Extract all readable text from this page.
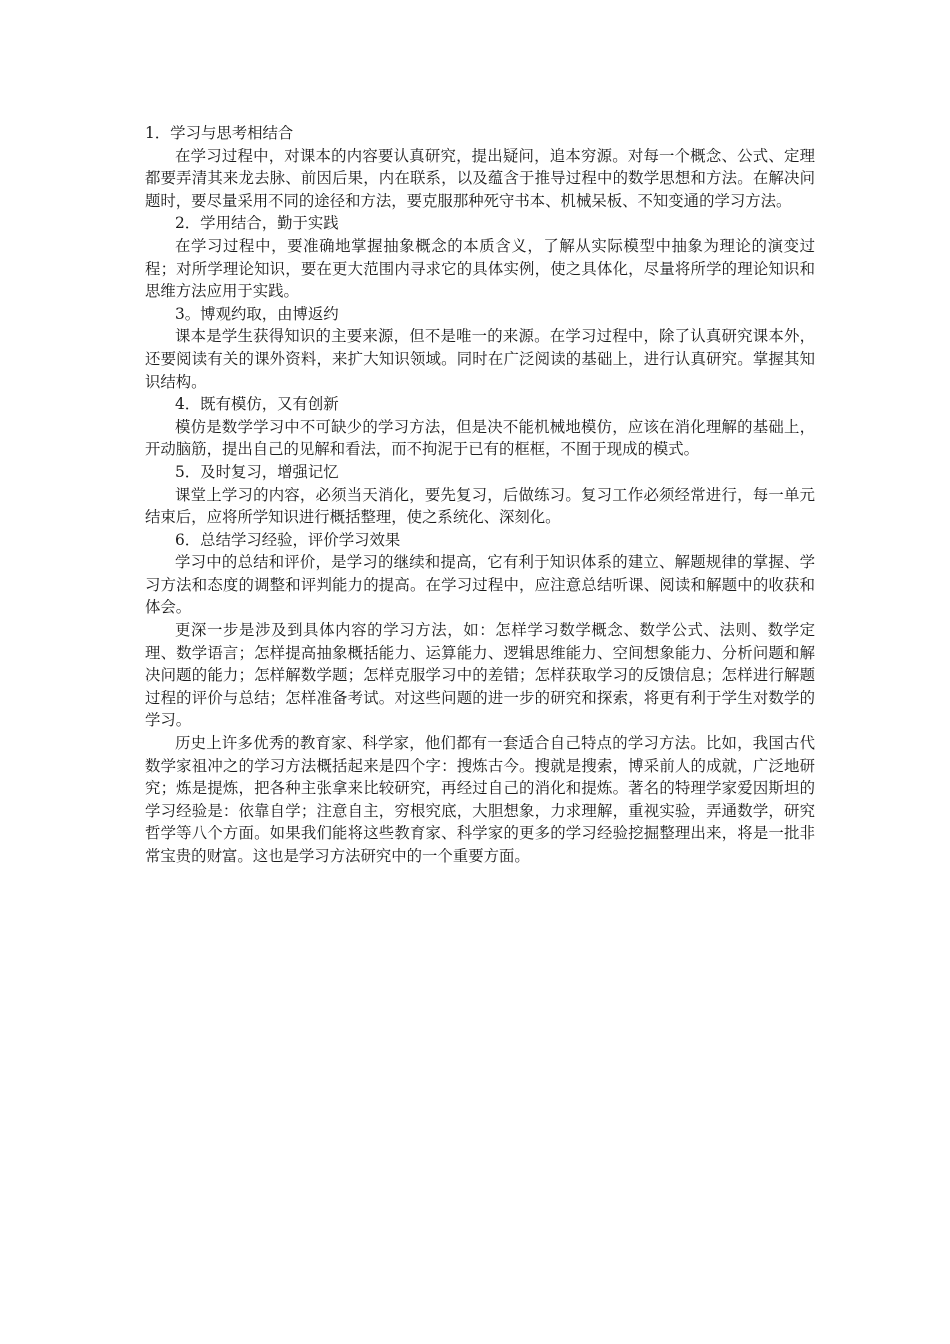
1．学习与思考相结合

在学习过程中，对课本的内容要认真研究，提出疑问，追本穷源。对每一个概念、公式、定理都要弄清其来龙去脉、前因后果，内在联系，以及蕴含于推导过程中的数学思想和方法。在解决问题时，要尽量采用不同的途径和方法，要克服那种死守书本、机械呆板、不知变通的学习方法。

2．学用结合，勤于实践

在学习过程中，要准确地掌握抽象概念的本质含义，了解从实际模型中抽象为理论的演变过程；对所学理论知识，要在更大范围内寻求它的具体实例，使之具体化，尽量将所学的理论知识和思维方法应用于实践。

3。博观约取，由博返约

课本是学生获得知识的主要来源，但不是唯一的来源。在学习过程中，除了认真研究课本外，还要阅读有关的课外资料，来扩大知识领域。同时在广泛阅读的基础上，进行认真研究。掌握其知识结构。

4．既有模仿，又有创新

模仿是数学学习中不可缺少的学习方法，但是决不能机械地模仿，应该在消化理解的基础上，开动脑筋，提出自己的见解和看法，而不拘泥于已有的框框，不囿于现成的模式。

5．及时复习，增强记忆

课堂上学习的内容，必须当天消化，要先复习，后做练习。复习工作必须经常进行，每一单元结束后，应将所学知识进行概括整理，使之系统化、深刻化。

6．总结学习经验，评价学习效果

学习中的总结和评价，是学习的继续和提高，它有利于知识体系的建立、解题规律的掌握、学习方法和态度的调整和评判能力的提高。在学习过程中，应注意总结听课、阅读和解题中的收获和体会。

更深一步是涉及到具体内容的学习方法，如：怎样学习数学概念、数学公式、法则、数学定理、数学语言；怎样提高抽象概括能力、运算能力、逻辑思维能力、空间想象能力、分析问题和解决问题的能力；怎样解数学题；怎样克服学习中的差错；怎样获取学习的反馈信息；怎样进行解题过程的评价与总结；怎样准备考试。对这些问题的进一步的研究和探索，将更有利于学生对数学的学习。

历史上许多优秀的教育家、科学家，他们都有一套适合自己特点的学习方法。比如，我国古代数学家祖冲之的学习方法概括起来是四个字：搜炼古今。搜就是搜索，博采前人的成就，广泛地研究；炼是提炼，把各种主张拿来比较研究，再经过自己的消化和提炼。著名的特理学家爱因斯坦的学习经验是：依靠自学；注意自主，穷根究底，大胆想象，力求理解，重视实验，弄通数学，研究哲学等八个方面。如果我们能将这些教育家、科学家的更多的学习经验挖掘整理出来，将是一批非常宝贵的财富。这也是学习方法研究中的一个重要方面。
